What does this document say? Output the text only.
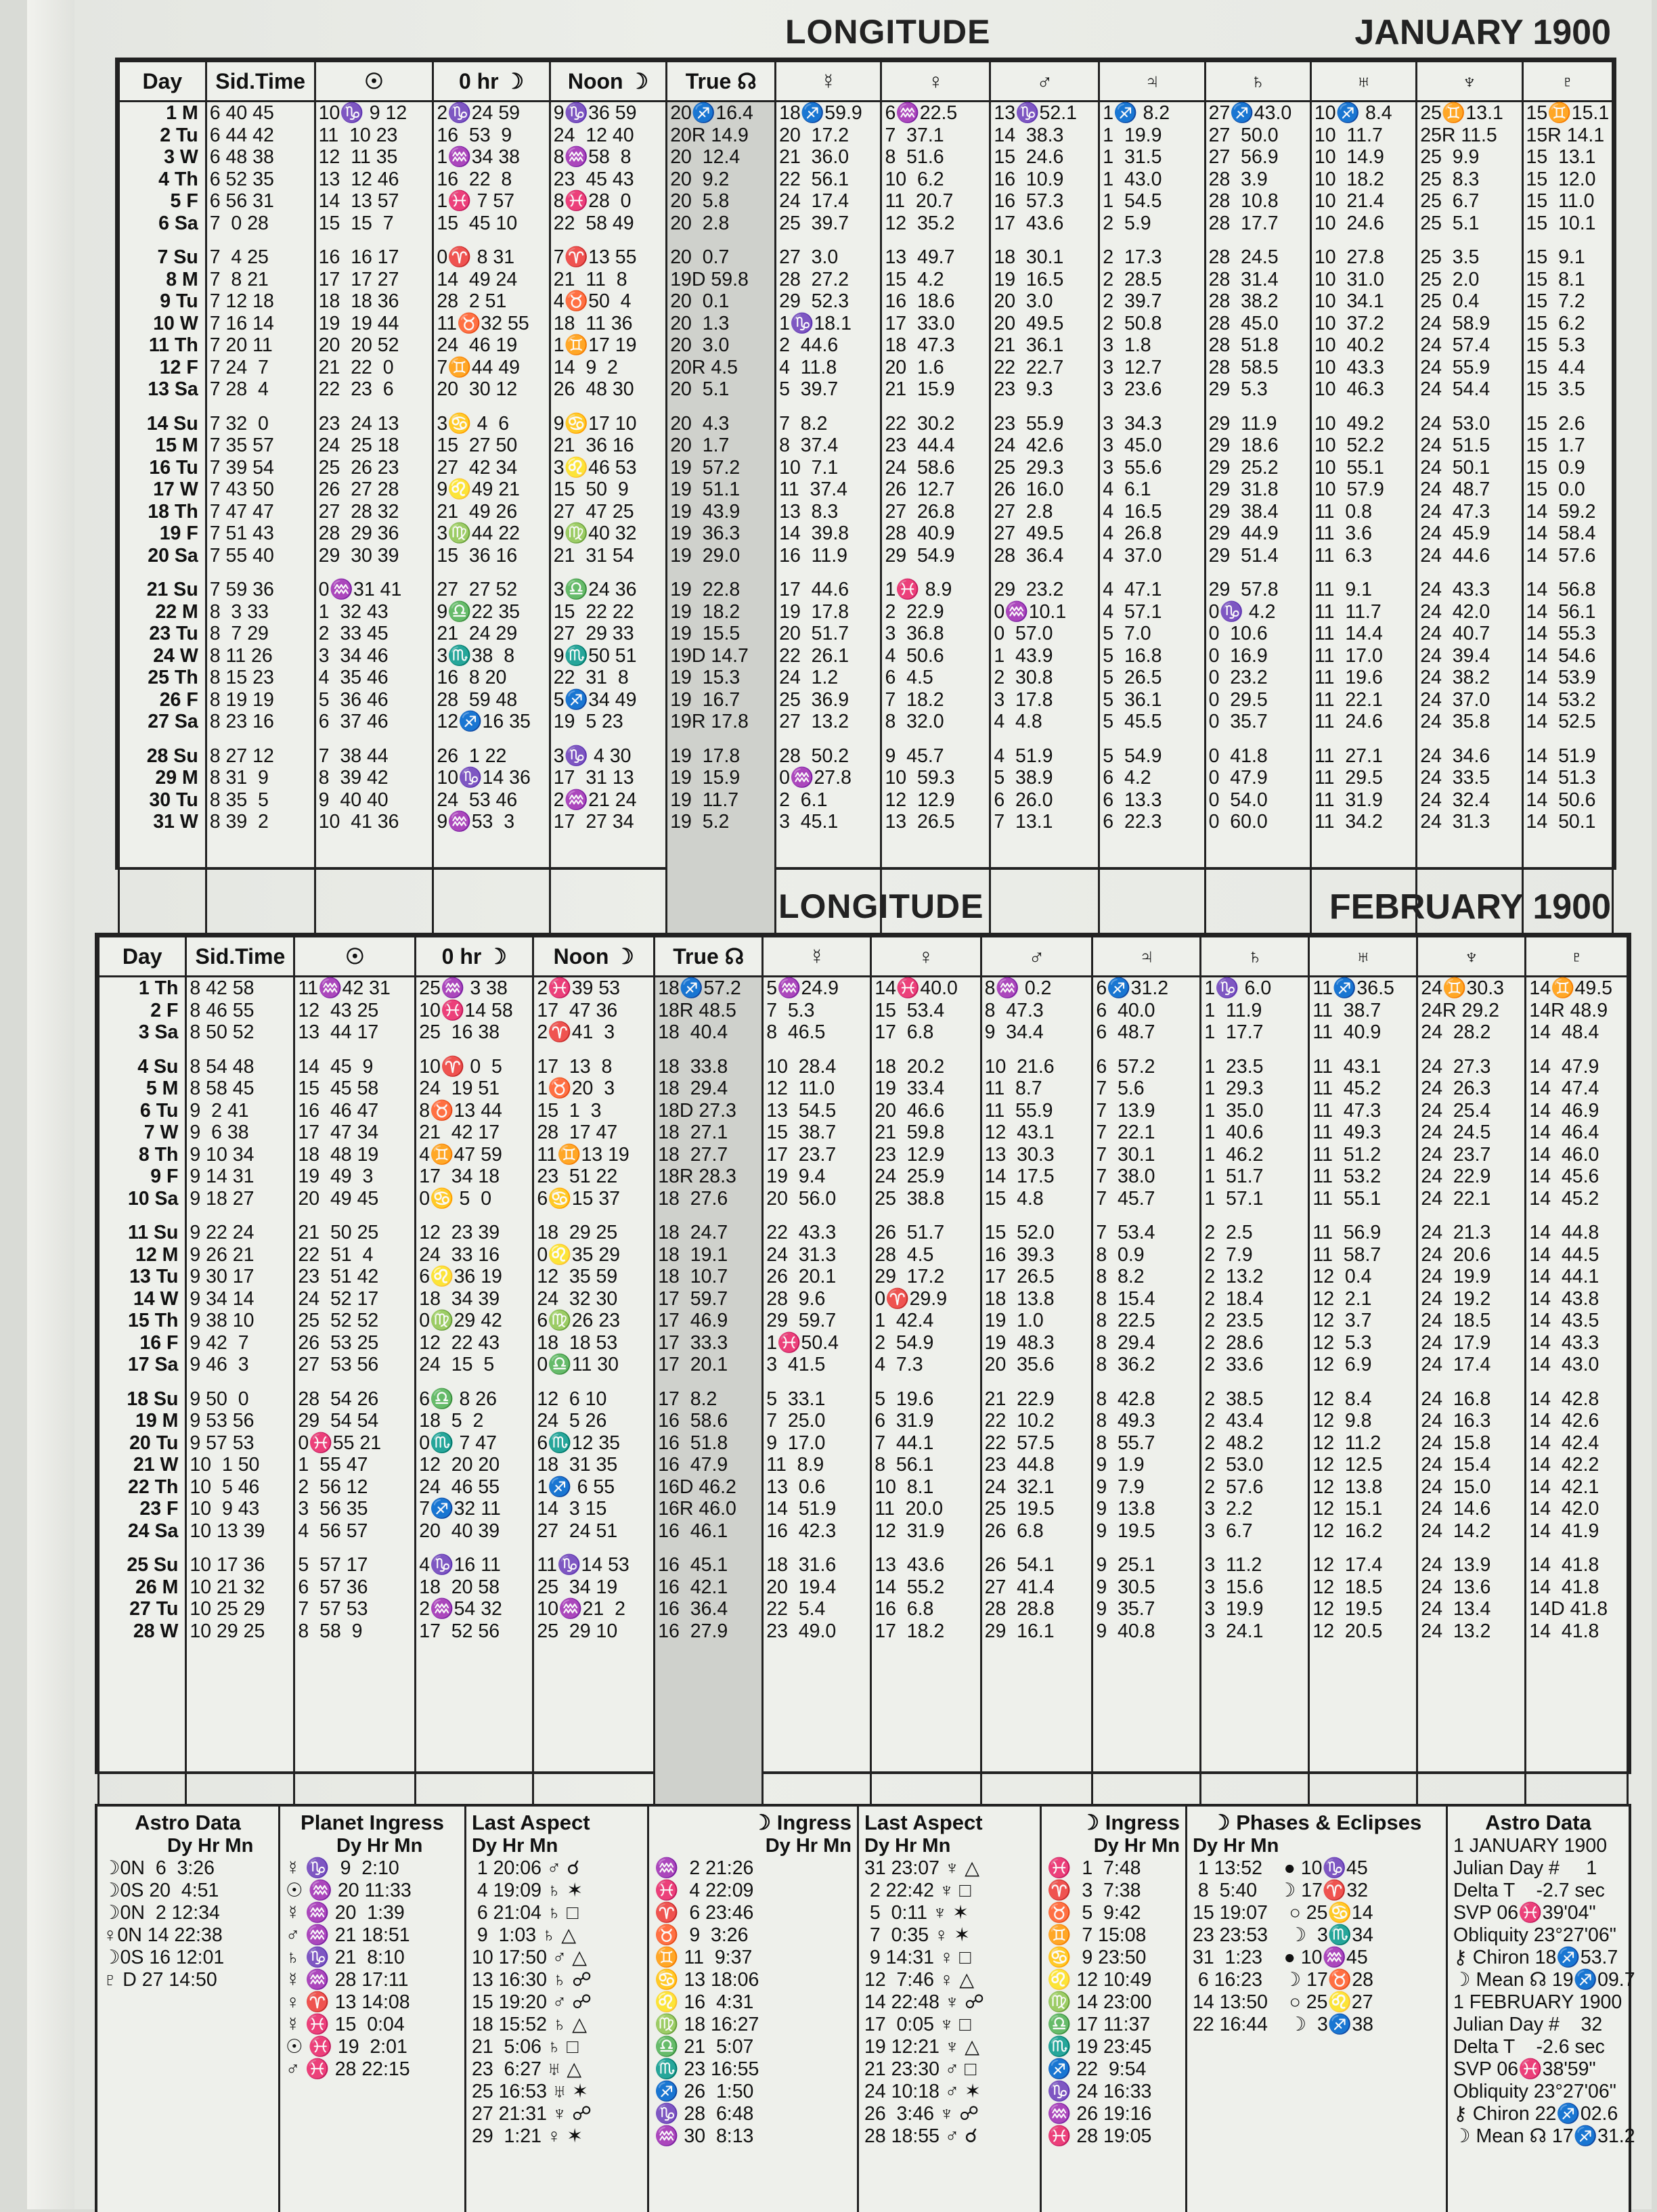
LONGITUDE	JANUARY 1900
Day	Sid.Time	☉	0 hr ☽	Noon ☽	True ☊	☿	♀	♂	♃	♄	♅	♆	♇
1 M	6 40 45	10♑ 9 12	2♑24 59	9♑36 59	20♐16.4	18♐59.9	6♒22.5	13♑52.1	1♐ 8.2	27♐43.0	10♐ 8.4	25♊13.1	15♊15.1
2 Tu	6 44 42	11  10 23	16  53  9	24  12 40	20R 14.9	20  17.2	7  37.1	14  38.3	1  19.9	27  50.0	10  11.7	25R 11.5	15R 14.1
3 W	6 48 38	12  11 35	1♒34 38	8♒58  8	20  12.4	21  36.0	8  51.6	15  24.6	1  31.5	27  56.9	10  14.9	25  9.9	15  13.1
4 Th	6 52 35	13  12 46	16  22  8	23  45 43	20  9.2	22  56.1	10  6.2	16  10.9	1  43.0	28  3.9	10  18.2	25  8.3	15  12.0
5 F	6 56 31	14  13 57	1♓ 7 57	8♓28  0	20  5.8	24  17.4	11  20.7	16  57.3	1  54.5	28  10.8	10  21.4	25  6.7	15  11.0
6 Sa	7  0 28	15  15  7	15  45 10	22  58 49	20  2.8	25  39.7	12  35.2	17  43.6	2  5.9	28  17.7	10  24.6	25  5.1	15  10.1

7 Su	7  4 25	16  16 17	0♈ 8 31	7♈13 55	20  0.7	27  3.0	13  49.7	18  30.1	2  17.3	28  24.5	10  27.8	25  3.5	15  9.1
8 M	7  8 21	17  17 27	14  49 24	21  11  8	19D 59.8	28  27.2	15  4.2	19  16.5	2  28.5	28  31.4	10  31.0	25  2.0	15  8.1
9 Tu	7 12 18	18  18 36	28  2 51	4♉50  4	20  0.1	29  52.3	16  18.6	20  3.0	2  39.7	28  38.2	10  34.1	25  0.4	15  7.2
10 W	7 16 14	19  19 44	11♉32 55	18  11 36	20  1.3	1♑18.1	17  33.0	20  49.5	2  50.8	28  45.0	10  37.2	24  58.9	15  6.2
11 Th	7 20 11	20  20 52	24  46 19	1♊17 19	20  3.0	2  44.6	18  47.3	21  36.1	3  1.8	28  51.8	10  40.2	24  57.4	15  5.3
12 F	7 24  7	21  22  0	7♊44 49	14  9  2	20R 4.5	4  11.8	20  1.6	22  22.7	3  12.7	28  58.5	10  43.3	24  55.9	15  4.4
13 Sa	7 28  4	22  23  6	20  30 12	26  48 30	20  5.1	5  39.7	21  15.9	23  9.3	3  23.6	29  5.3	10  46.3	24  54.4	15  3.5

14 Su	7 32  0	23  24 13	3♋ 4  6	9♋17 10	20  4.3	7  8.2	22  30.2	23  55.9	3  34.3	29  11.9	10  49.2	24  53.0	15  2.6
15 M	7 35 57	24  25 18	15  27 50	21  36 16	20  1.7	8  37.4	23  44.4	24  42.6	3  45.0	29  18.6	10  52.2	24  51.5	15  1.7
16 Tu	7 39 54	25  26 23	27  42 34	3♌46 53	19  57.2	10  7.1	24  58.6	25  29.3	3  55.6	29  25.2	10  55.1	24  50.1	15  0.9
17 W	7 43 50	26  27 28	9♌49 21	15  50  9	19  51.1	11  37.4	26  12.7	26  16.0	4  6.1	29  31.8	10  57.9	24  48.7	15  0.0
18 Th	7 47 47	27  28 32	21  49 26	27  47 25	19  43.9	13  8.3	27  26.8	27  2.8	4  16.5	29  38.4	11  0.8	24  47.3	14  59.2
19 F	7 51 43	28  29 36	3♍44 22	9♍40 32	19  36.3	14  39.8	28  40.9	27  49.5	4  26.8	29  44.9	11  3.6	24  45.9	14  58.4
20 Sa	7 55 40	29  30 39	15  36 16	21  31 54	19  29.0	16  11.9	29  54.9	28  36.4	4  37.0	29  51.4	11  6.3	24  44.6	14  57.6

21 Su	7 59 36	0♒31 41	27  27 52	3♎24 36	19  22.8	17  44.6	1♓ 8.9	29  23.2	4  47.1	29  57.8	11  9.1	24  43.3	14  56.8
22 M	8  3 33	1  32 43	9♎22 35	15  22 22	19  18.2	19  17.8	2  22.9	0♒10.1	4  57.1	0♑ 4.2	11  11.7	24  42.0	14  56.1
23 Tu	8  7 29	2  33 45	21  24 29	27  29 33	19  15.5	20  51.7	3  36.8	0  57.0	5  7.0	0  10.6	11  14.4	24  40.7	14  55.3
24 W	8 11 26	3  34 46	3♏38  8	9♏50 51	19D 14.7	22  26.1	4  50.6	1  43.9	5  16.8	0  16.9	11  17.0	24  39.4	14  54.6
25 Th	8 15 23	4  35 46	16  8 20	22  31  8	19  15.3	24  1.2	6  4.5	2  30.8	5  26.5	0  23.2	11  19.6	24  38.2	14  53.9
26 F	8 19 19	5  36 46	28  59 48	5♐34 49	19  16.7	25  36.9	7  18.2	3  17.8	5  36.1	0  29.5	11  22.1	24  37.0	14  53.2
27 Sa	8 23 16	6  37 46	12♐16 35	19  5 23	19R 17.8	27  13.2	8  32.0	4  4.8	5  45.5	0  35.7	11  24.6	24  35.8	14  52.5

28 Su	8 27 12	7  38 44	26  1 22	3♑ 4 30	19  17.8	28  50.2	9  45.7	4  51.9	5  54.9	0  41.8	11  27.1	24  34.6	14  51.9
29 M	8 31  9	8  39 42	10♑14 36	17  31 13	19  15.9	0♒27.8	10  59.3	5  38.9	6  4.2	0  47.9	11  29.5	24  33.5	14  51.3
30 Tu	8 35  5	9  40 40	24  53 46	2♒21 24	19  11.7	2  6.1	12  12.9	6  26.0	6  13.3	0  54.0	11  31.9	24  32.4	14  50.6
31 W	8 39  2	10  41 36	9♒53  3	17  27 34	19  5.2	3  45.1	13  26.5	7  13.1	6  22.3	0  60.0	11  34.2	24  31.3	14  50.1

LONGITUDE	FEBRUARY 1900
Day	Sid.Time	☉	0 hr ☽	Noon ☽	True ☊	☿	♀	♂	♃	♄	♅	♆	♇
1 Th	8 42 58	11♒42 31	25♒ 3 38	2♓39 53	18♐57.2	5♒24.9	14♓40.0	8♒ 0.2	6♐31.2	1♑ 6.0	11♐36.5	24♊30.3	14♊49.5
2 F	8 46 55	12  43 25	10♓14 58	17  47 36	18R 48.5	7  5.3	15  53.4	8  47.3	6  40.0	1  11.9	11  38.7	24R 29.2	14R 48.9
3 Sa	8 50 52	13  44 17	25  16 38	2♈41  3	18  40.4	8  46.5	17  6.8	9  34.4	6  48.7	1  17.7	11  40.9	24  28.2	14  48.4

4 Su	8 54 48	14  45  9	10♈ 0  5	17  13  8	18  33.8	10  28.4	18  20.2	10  21.6	6  57.2	1  23.5	11  43.1	24  27.3	14  47.9
5 M	8 58 45	15  45 58	24  19 51	1♉20  3	18  29.4	12  11.0	19  33.4	11  8.7	7  5.6	1  29.3	11  45.2	24  26.3	14  47.4
6 Tu	9  2 41	16  46 47	8♉13 44	15  1  3	18D 27.3	13  54.5	20  46.6	11  55.9	7  13.9	1  35.0	11  47.3	24  25.4	14  46.9
7 W	9  6 38	17  47 34	21  42 17	28  17 47	18  27.1	15  38.7	21  59.8	12  43.1	7  22.1	1  40.6	11  49.3	24  24.5	14  46.4
8 Th	9 10 34	18  48 19	4♊47 59	11♊13 19	18  27.7	17  23.7	23  12.9	13  30.3	7  30.1	1  46.2	11  51.2	24  23.7	14  46.0
9 F	9 14 31	19  49  3	17  34 18	23  51 22	18R 28.3	19  9.4	24  25.9	14  17.5	7  38.0	1  51.7	11  53.2	24  22.9	14  45.6
10 Sa	9 18 27	20  49 45	0♋ 5  0	6♋15 37	18  27.6	20  56.0	25  38.8	15  4.8	7  45.7	1  57.1	11  55.1	24  22.1	14  45.2

11 Su	9 22 24	21  50 25	12  23 39	18  29 25	18  24.7	22  43.3	26  51.7	15  52.0	7  53.4	2  2.5	11  56.9	24  21.3	14  44.8
12 M	9 26 21	22  51  4	24  33 16	0♌35 29	18  19.1	24  31.3	28  4.5	16  39.3	8  0.9	2  7.9	11  58.7	24  20.6	14  44.5
13 Tu	9 30 17	23  51 42	6♌36 19	12  35 59	18  10.7	26  20.1	29  17.2	17  26.5	8  8.2	2  13.2	12  0.4	24  19.9	14  44.1
14 W	9 34 14	24  52 17	18  34 39	24  32 30	17  59.7	28  9.6	0♈29.9	18  13.8	8  15.4	2  18.4	12  2.1	24  19.2	14  43.8
15 Th	9 38 10	25  52 52	0♍29 42	6♍26 23	17  46.9	29  59.7	1  42.4	19  1.0	8  22.5	2  23.5	12  3.7	24  18.5	14  43.5
16 F	9 42  7	26  53 25	12  22 43	18  18 53	17  33.3	1♓50.4	2  54.9	19  48.3	8  29.4	2  28.6	12  5.3	24  17.9	14  43.3
17 Sa	9 46  3	27  53 56	24  15  5	0♎11 30	17  20.1	3  41.5	4  7.3	20  35.6	8  36.2	2  33.6	12  6.9	24  17.4	14  43.0

18 Su	9 50  0	28  54 26	6♎ 8 26	12  6 10	17  8.2	5  33.1	5  19.6	21  22.9	8  42.8	2  38.5	12  8.4	24  16.8	14  42.8
19 M	9 53 56	29  54 54	18  5  2	24  5 26	16  58.6	7  25.0	6  31.9	22  10.2	8  49.3	2  43.4	12  9.8	24  16.3	14  42.6
20 Tu	9 57 53	0♓55 21	0♏ 7 47	6♏12 35	16  51.8	9  17.0	7  44.1	22  57.5	8  55.7	2  48.2	12  11.2	24  15.8	14  42.4
21 W	10  1 50	1  55 47	12  20 20	18  31 35	16  47.9	11  8.9	8  56.1	23  44.8	9  1.9	2  53.0	12  12.5	24  15.4	14  42.2
22 Th	10  5 46	2  56 12	24  46 55	1♐ 6 55	16D 46.2	13  0.6	10  8.1	24  32.1	9  7.9	2  57.6	12  13.8	24  15.0	14  42.1
23 F	10  9 43	3  56 35	7♐32 11	14  3 15	16R 46.0	14  51.9	11  20.0	25  19.5	9  13.8	3  2.2	12  15.1	24  14.6	14  42.0
24 Sa	10 13 39	4  56 57	20  40 39	27  24 51	16  46.1	16  42.3	12  31.9	26  6.8	9  19.5	3  6.7	12  16.2	24  14.2	14  41.9

25 Su	10 17 36	5  57 17	4♑16 11	11♑14 53	16  45.1	18  31.6	13  43.6	26  54.1	9  25.1	3  11.2	12  17.4	24  13.9	14  41.8
26 M	10 21 32	6  57 36	18  20 58	25  34 19	16  42.1	20  19.4	14  55.2	27  41.4	9  30.5	3  15.6	12  18.5	24  13.6	14  41.8
27 Tu	10 25 29	7  57 53	2♒54 32	10♒21  2	16  36.4	22  5.4	16  6.8	28  28.8	9  35.7	3  19.9	12  19.5	24  13.4	14D 41.8
28 W	10 29 25	8  58  9	17  52 56	25  29 10	16  27.9	23  49.0	17  18.2	29  16.1	9  40.8	3  24.1	12  20.5	24  13.2	14  41.8

Astro Data
Dy Hr Mn
☽0N  6  3:26
☽0S 20  4:51
☽0N  2 12:34
♀0N 14 22:38
☽0S 16 12:01
♇ D 27 14:50
Planet Ingress
Dy Hr Mn
☿ ♑  9  2:10
☉ ♒ 20 11:33
☿ ♒ 20  1:39
♂ ♒ 21 18:51
♄ ♑ 21  8:10
☿ ♒ 28 17:11
♀ ♈ 13 14:08
☿ ♓ 15  0:04
☉ ♓ 19  2:01
♂ ♓ 28 22:15
Last Aspect
Dy Hr Mn
1 20:06 ♂ ☌
4 19:09 ♄ ✶
6 21:04 ♄ □
9  1:03 ♄ △
10 17:50 ♂ △
13 16:30 ♄ ☍
15 19:20 ♂ ☍
18 15:52 ♄ △
21  5:06 ♄ □
23  6:27 ♅ △
25 16:53 ♅ ✶
27 21:31 ♆ ☍
29  1:21 ♀ ✶
☽ Ingress
Dy Hr Mn
♒  2 21:26
♓  4 22:09
♈  6 23:46
♉  9  3:26
♊ 11  9:37
♋ 13 18:06
♌ 16  4:31
♍ 18 16:27
♎ 21  5:07
♏ 23 16:55
♐ 26  1:50
♑ 28  6:48
♒ 30  8:13
Last Aspect
Dy Hr Mn
31 23:07 ♆ △
2 22:42 ♆ □
5  0:11 ♆ ✶
7  0:35 ♀ ✶
9 14:31 ♀ □
12  7:46 ♀ △
14 22:48 ♆ ☍
17  0:05 ♆ □
19 12:21 ♆ △
21 23:30 ♂ □
24 10:18 ♂ ✶
26  3:46 ♆ ☍
28 18:55 ♂ ☌
☽ Ingress
Dy Hr Mn
♓  1  7:48
♈  3  7:38
♉  5  9:42
♊  7 15:08
♋  9 23:50
♌ 12 10:49
♍ 14 23:00
♎ 17 11:37
♏ 19 23:45
♐ 22  9:54
♑ 24 16:33
♒ 26 19:16
♓ 28 19:05
☽ Phases & Eclipses
Dy Hr Mn
1 13:52    ● 10♑45
8  5:40    ☽ 17♈32
15 19:07    ○ 25♋14
23 23:53    ☽  3♏34
31  1:23    ● 10♒45
6 16:23    ☽ 17♉28
14 13:50    ○ 25♌27
22 16:44    ☽  3♐38
Astro Data
1 JANUARY 1900
Julian Day #     1
Delta T    -2.7 sec
SVP 06♓39'04"
Obliquity 23°27'06"
⚷ Chiron 18♐53.7
☽ Mean ☊ 19♐09.7
1 FEBRUARY 1900
Julian Day #    32
Delta T    -2.6 sec
SVP 06♓38'59"
Obliquity 23°27'06"
⚷ Chiron 22♐02.6
☽ Mean ☊ 17♐31.2
